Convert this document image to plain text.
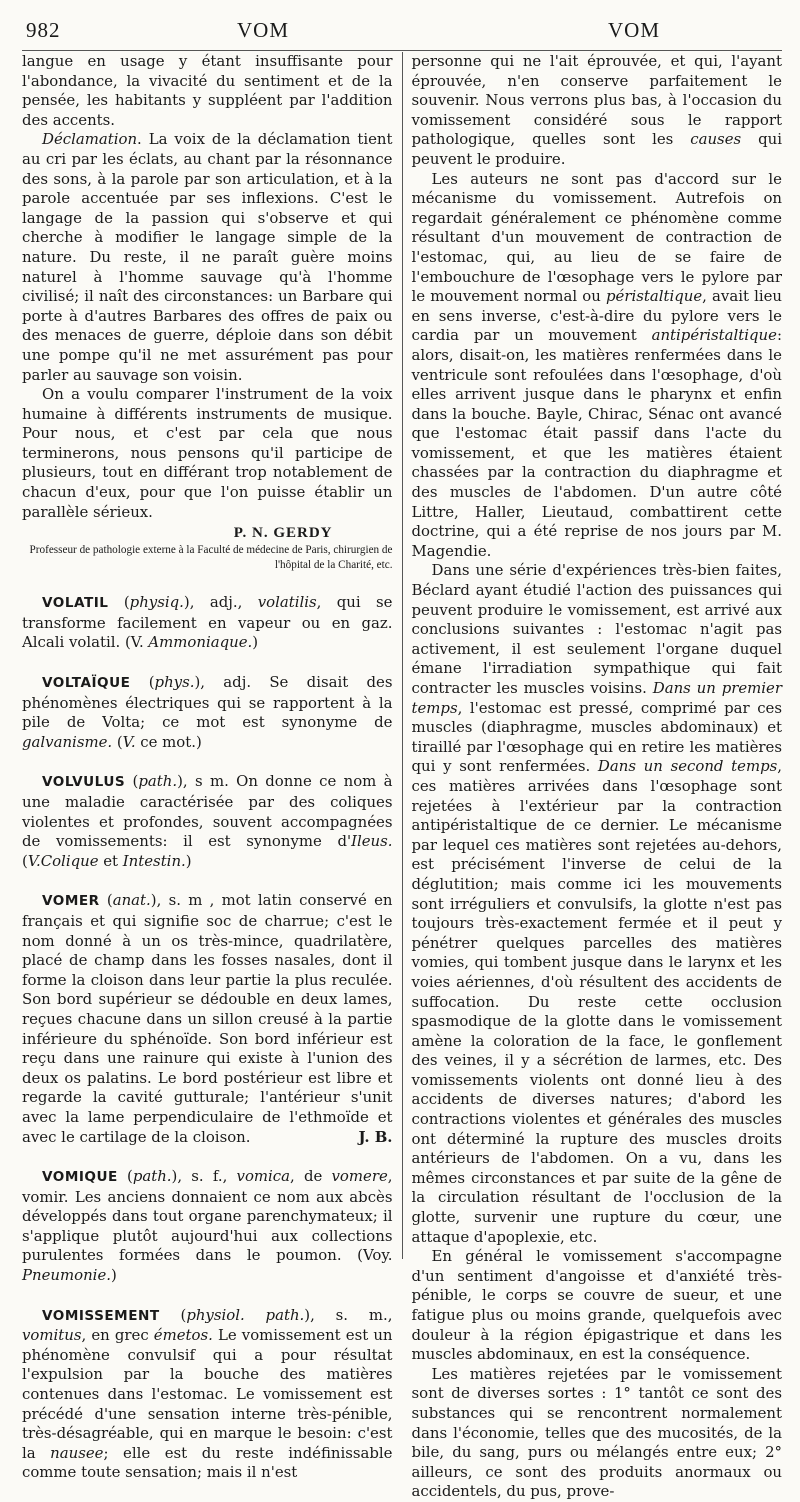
982	VOM	VOM

langue en usage y étant insuffisante pour l'abondance, la vivacité du sentiment et de la pensée, les habitants y suppléent par l'addition des accents.

Déclamation. La voix de la déclamation tient au cri par les éclats, au chant par la résonnance des sons, à la parole par son articulation, et à la parole accentuée par ses inflexions. C'est le langage de la passion qui s'observe et qui cherche à modifier le langage simple de la nature. Du reste, il ne paraît guère moins naturel à l'homme sauvage qu'à l'homme civilisé; il naît des circonstances: un Barbare qui porte à d'autres Barbares des offres de paix ou des menaces de guerre, déploie dans son débit une pompe qu'il ne met assurément pas pour parler au sauvage son voisin.

On a voulu comparer l'instrument de la voix humaine à différents instruments de musique. Pour nous, et c'est par cela que nous terminerons, nous pensons qu'il participe de plusieurs, tout en différant trop notablement de chacun d'eux, pour que l'on puisse établir un parallèle sérieux.

P. N. GERDY
Professeur de pathologie externe à la Faculté de médecine de Paris, chirurgien de l'hôpital de la Charité, etc.

VOLATIL (physiq.), adj., volatilis, qui se transforme facilement en vapeur ou en gaz. Alcali volatil. (V. Ammoniaque.)

VOLTAÏQUE (phys.), adj. Se disait des phénomènes électriques qui se rapportent à la pile de Volta; ce mot est synonyme de galvanisme. (V. ce mot.)

VOLVULUS (path.), s m. On donne ce nom à une maladie caractérisée par des coliques violentes et profondes, souvent accompagnées de vomissements: il est synonyme d'Ileus. (V.Colique et Intestin.)

VOMER (anat.), s. m , mot latin conservé en français et qui signifie soc de charrue; c'est le nom donné à un os très-mince, quadrilatère, placé de champ dans les fosses nasales, dont il forme la cloison dans leur partie la plus reculée. Son bord supérieur se dédouble en deux lames, reçues chacune dans un sillon creusé à la partie inférieure du sphénoïde. Son bord inférieur est reçu dans une rainure qui existe à l'union des deux os palatins. Le bord postérieur est libre et regarde la cavité gutturale; l'antérieur s'unit avec la lame perpendiculaire de l'ethmoïde et avec le cartilage de la cloison.	J. B.

VOMIQUE (path.), s. f., vomica, de vomere, vomir. Les anciens donnaient ce nom aux abcès développés dans tout organe parenchymateux; il s'applique plutôt aujourd'hui aux collections purulentes formées dans le poumon. (Voy. Pneumonie.)

VOMISSEMENT (physiol. path.), s. m., vomitus, en grec émetos. Le vomissement est un phénomène convulsif qui a pour résultat l'expulsion par la bouche des matières contenues dans l'estomac. Le vomissement est précédé d'une sensation interne très-pénible, très-désagréable, qui en marque le besoin: c'est la nausee; elle est du reste indéfinissable comme toute sensation; mais il n'est

personne qui ne l'ait éprouvée, et qui, l'ayant éprouvée, n'en conserve parfaitement le souvenir. Nous verrons plus bas, à l'occasion du vomissement considéré sous le rapport pathologique, quelles sont les causes qui peuvent le produire.

Les auteurs ne sont pas d'accord sur le mécanisme du vomissement. Autrefois on regardait généralement ce phénomène comme résultant d'un mouvement de contraction de l'estomac, qui, au lieu de se faire de l'embouchure de l'œsophage vers le pylore par le mouvement normal ou péristaltique, avait lieu en sens inverse, c'est-à-dire du pylore vers le cardia par un mouvement antipéristaltique: alors, disait-on, les matières renfermées dans le ventricule sont refoulées dans l'œsophage, d'où elles arrivent jusque dans le pharynx et enfin dans la bouche. Bayle, Chirac, Sénac ont avancé que l'estomac était passif dans l'acte du vomissement, et que les matières étaient chassées par la contraction du diaphragme et des muscles de l'abdomen. D'un autre côté Littre, Haller, Lieutaud, combattirent cette doctrine, qui a été reprise de nos jours par M. Magendie.

Dans une série d'expériences très-bien faites, Béclard ayant étudié l'action des puissances qui peuvent produire le vomissement, est arrivé aux conclusions suivantes : l'estomac n'agit pas activement, il est seulement l'organe duquel émane l'irradiation sympathique qui fait contracter les muscles voisins. Dans un premier temps, l'estomac est pressé, comprimé par ces muscles (diaphragme, muscles abdominaux) et tiraillé par l'œsophage qui en retire les matières qui y sont renfermées. Dans un second temps, ces matières arrivées dans l'œsophage sont rejetées à l'extérieur par la contraction antipéristaltique de ce dernier. Le mécanisme par lequel ces matières sont rejetées au-dehors, est précisément l'inverse de celui de la déglutition; mais comme ici les mouvements sont irréguliers et convulsifs, la glotte n'est pas toujours très-exactement fermée et il peut y pénétrer quelques parcelles des matières vomies, qui tombent jusque dans le larynx et les voies aériennes, d'où résultent des accidents de suffocation. Du reste cette occlusion spasmodique de la glotte dans le vomissement amène la coloration de la face, le gonflement des veines, il y a sécrétion de larmes, etc. Des vomissements violents ont donné lieu à des accidents de diverses natures; d'abord les contractions violentes et générales des muscles ont déterminé la rupture des muscles droits antérieurs de l'abdomen. On a vu, dans les mêmes circonstances et par suite de la gêne de la circulation résultant de l'occlusion de la glotte, survenir une rupture du cœur, une attaque d'apoplexie, etc.

En général le vomissement s'accompagne d'un sentiment d'angoisse et d'anxiété très-pénible, le corps se couvre de sueur, et une fatigue plus ou moins grande, quelquefois avec douleur à la région épigastrique et dans les muscles abdominaux, en est la conséquence.

Les matières rejetées par le vomissement sont de diverses sortes : 1° tantôt ce sont des substances qui se rencontrent normalement dans l'économie, telles que des mucosités, de la bile, du sang, purs ou mélangés entre eux; 2° ailleurs, ce sont des produits anormaux ou accidentels, du pus, prove-
